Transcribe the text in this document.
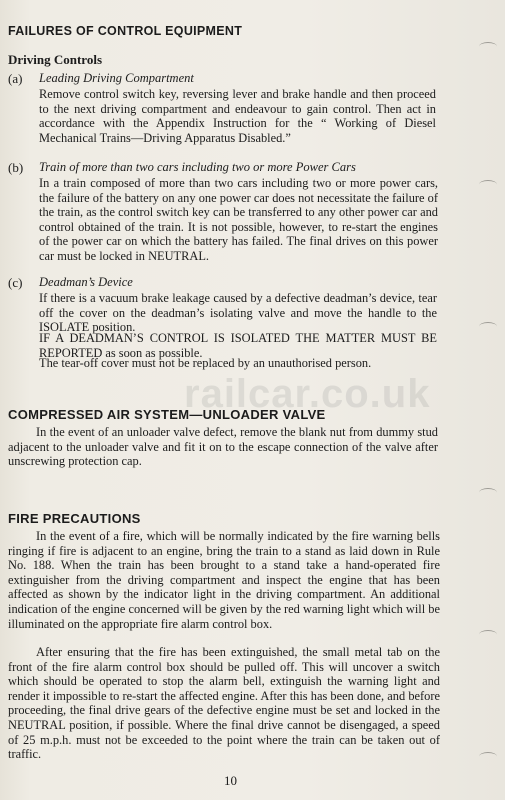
FAILURES OF CONTROL EQUIPMENT
Driving Controls
(a) Leading Driving Compartment
Remove control switch key, reversing lever and brake handle and then proceed to the next driving compartment and endeavour to gain control. Then act in accordance with the Appendix Instruction for the “ Working of Diesel Mechanical Trains—Driving Apparatus Disabled.”
(b) Train of more than two cars including two or more Power Cars
In a train composed of more than two cars including two or more power cars, the failure of the battery on any one power car does not necessitate the failure of the train, as the control switch key can be transferred to any other power car and control obtained of the train. It is not possible, however, to re-start the engines of the power car on which the battery has failed. The final drives on this power car must be locked in NEUTRAL.
(c) Deadman’s Device
If there is a vacuum brake leakage caused by a defective deadman’s device, tear off the cover on the deadman’s isolating valve and move the handle to the ISOLATE position.
IF A DEADMAN’S CONTROL IS ISOLATED THE MATTER MUST BE REPORTED as soon as possible.
The tear-off cover must not be replaced by an unauthorised person.
COMPRESSED AIR SYSTEM—UNLOADER VALVE
In the event of an unloader valve defect, remove the blank nut from dummy stud adjacent to the unloader valve and fit it on to the escape connection of the valve after unscrewing protection cap.
FIRE PRECAUTIONS
In the event of a fire, which will be normally indicated by the fire warning bells ringing if fire is adjacent to an engine, bring the train to a stand as laid down in Rule No. 188. When the train has been brought to a stand take a hand-operated fire extinguisher from the driving compartment and inspect the engine that has been affected as shown by the indicator light in the driving compartment. An additional indication of the engine concerned will be given by the red warning light which will be illuminated on the appropriate fire alarm control box.
After ensuring that the fire has been extinguished, the small metal tab on the front of the fire alarm control box should be pulled off. This will uncover a switch which should be operated to stop the alarm bell, extinguish the warning light and render it impossible to re-start the affected engine. After this has been done, and before proceeding, the final drive gears of the defective engine must be set and locked in the NEUTRAL position, if possible. Where the final drive cannot be disengaged, a speed of 25 m.p.h. must not be exceeded to the point where the train can be taken out of traffic.
10
railcar.co.uk
